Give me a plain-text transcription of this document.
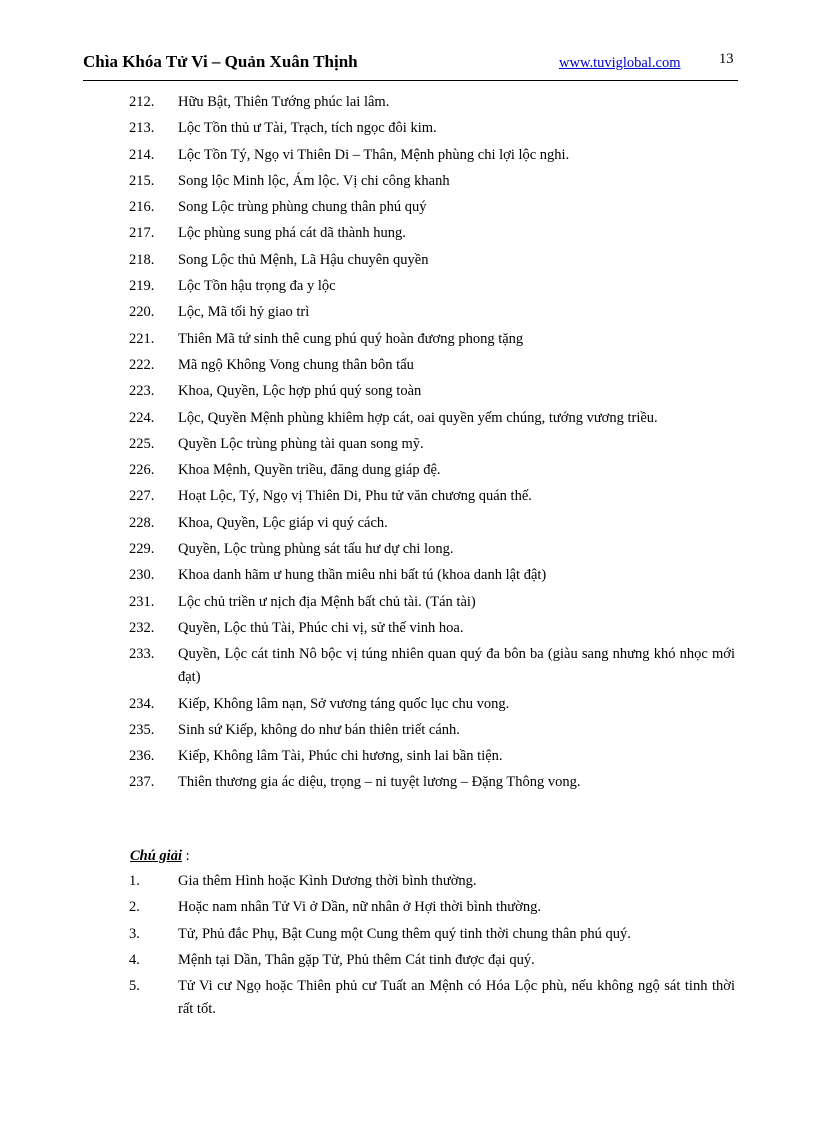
Chìa Khóa Tử Vi – Quản Xuân Thịnh	www.tuviglobal.com	13
212. Hữu Bật, Thiên Tướng phúc lai lâm.
213. Lộc Tồn thủ ư Tài, Trạch, tích ngọc đôi kim.
214. Lộc Tồn Tý, Ngọ vi Thiên Di – Thân, Mệnh phùng chi lợi lộc nghi.
215. Song lộc Minh lộc, Ám lộc. Vị chi công khanh
216. Song Lộc trùng phùng chung thân phú quý
217. Lộc phùng sung phá cát dã thành hung.
218. Song Lộc thủ Mệnh, Lã Hậu chuyên quyền
219. Lộc Tồn hậu trọng đa y lộc
220. Lộc, Mã tối hỷ giao trì
221. Thiên Mã tứ sinh thê cung phú quý hoàn đương phong tặng
222. Mã ngộ Không Vong chung thân bôn tẩu
223. Khoa, Quyền, Lộc hợp phú quý song toàn
224. Lộc, Quyền Mệnh phùng khiêm hợp cát, oai quyền yếm chúng, tướng vương triều.
225. Quyền Lộc trùng phùng tài quan song mỹ.
226. Khoa Mệnh, Quyền triều, đăng dung giáp đệ.
227. Hoạt Lộc, Tý, Ngọ vị Thiên Di, Phu tử văn chương quán thế.
228. Khoa, Quyền, Lộc giáp vi quý cách.
229. Quyền, Lộc trùng phùng sát tấu hư dự chi long.
230. Khoa danh hãm ư hung thần miêu nhi bất tú (khoa danh lật đật)
231. Lộc chủ triền ư nịch địa Mệnh bất chủ tài. (Tán tài)
232. Quyền, Lộc thủ Tài, Phúc chi vị, sử thế vinh hoa.
233. Quyền, Lộc cát tinh Nô bộc vị túng nhiên quan quý đa bôn ba (giàu sang nhưng khó nhọc mới đạt)
234. Kiếp, Không lâm nạn, Sở vương táng quốc lục chu vong.
235. Sinh sứ Kiếp, không do như bán thiên triết cánh.
236. Kiếp, Không lâm Tài, Phúc chi hương, sinh lai bần tiện.
237. Thiên thương gia ác diệu, trọng – ni tuyệt lương – Đặng Thông vong.
Chú giải :
1.	Gia thêm Hình hoặc Kình Dương thời bình thường.
2.	Hoặc nam nhân Tử Vi ở Dần, nữ nhân ở Hợi thời bình thường.
3.	Tử, Phủ đắc Phụ, Bật Cung một Cung thêm quý tinh thời chung thân phú quý.
4.	Mệnh tại Dần, Thân gặp Tử, Phủ thêm Cát tinh được đại quý.
5.	Tử Vi cư Ngọ hoặc Thiên phủ cư Tuất an Mệnh có Hóa Lộc phù, nếu không ngộ sát tinh thời rất tốt.
